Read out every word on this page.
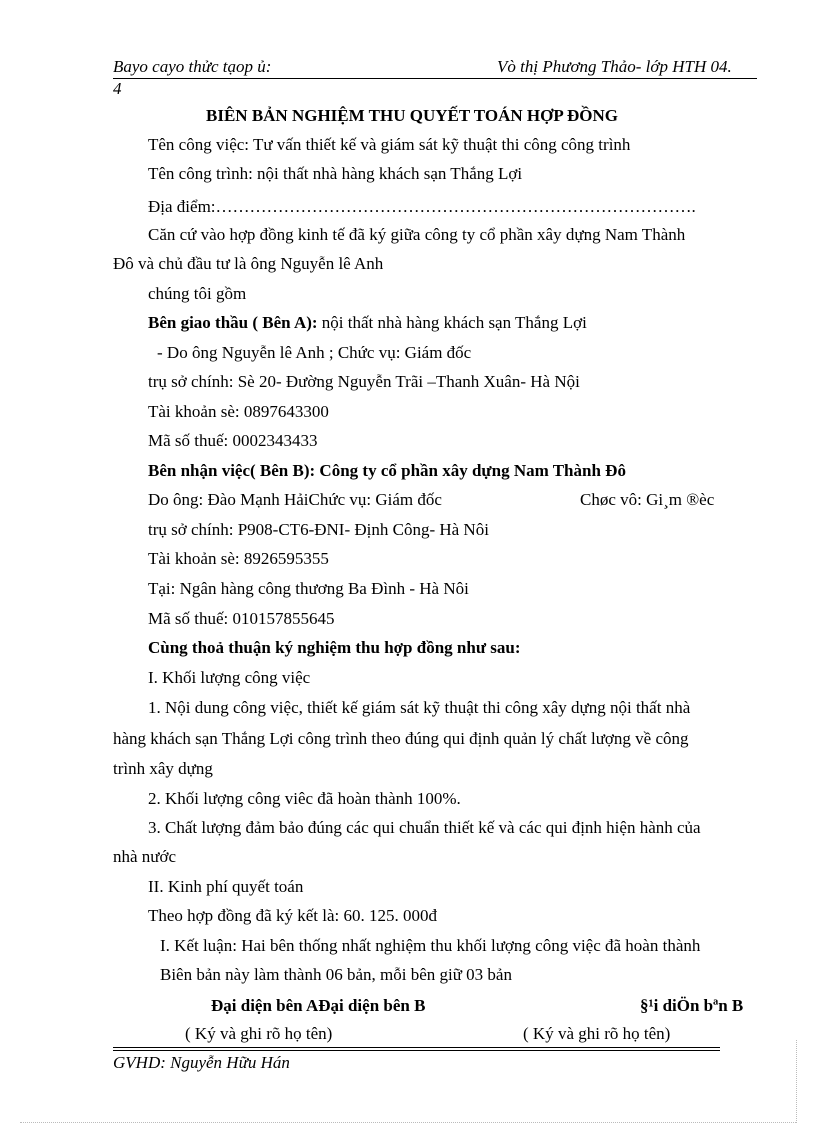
Bayo cayo thửc tạop ủ:	Vò thị Phương Thảo- lớp HTH 04.
4
BIÊN BẢN NGHIỆM THU QUYẾT TOÁN HỢP ĐỒNG
Tên công việc: Tư vấn thiết kế và giám sát kỹ thuật thi công công trình
Tên công trình: nội thất nhà hàng khách sạn Thắng Lợi
Địa điểm:………………………………………………………………………….
Căn cứ vào hợp đồng kinh tế đã ký giữa công ty cổ phần xây dựng Nam Thành
Đô và chủ đầu tư là ông Nguyễn lê Anh
chúng tôi gồm
Bên giao thầu ( Bên A): nội thất nhà hàng khách sạn Thắng Lợi
- Do ông Nguyễn lê Anh ; Chức vụ: Giám đốc
trụ sở chính: Sè 20- Đường Nguyễn Trãi –Thanh Xuân- Hà Nội
Tài khoản sè: 0897643300
Mã số thuế: 0002343433
Bên nhận việc( Bên B): Công ty cổ phần xây dựng Nam Thành Đô
Do ông: Đào Mạnh HảiChức vụ: Giám đốc	Chøc vô: Gi¸m ®èc
trụ sở chính: P908-CT6-ĐNI- Định Công- Hà Nôi
Tài khoản sè: 8926595355
Tại: Ngân hàng công thương Ba Đình - Hà Nôi
Mã số thuế: 010157855645
Cùng thoả thuận ký nghiệm thu hợp đồng như sau:
I. Khối lượng công việc
1. Nội dung công việc, thiết kế giám sát kỹ thuật thi công xây dựng nội thất nhà
hàng khách sạn Thắng Lợi công trình theo đúng qui định quản lý chất lượng về công
trình xây dựng
2. Khối lượng công viêc đã hoàn thành 100%.
3. Chất lượng đảm bảo đúng các qui chuẩn thiết kế và các qui định hiện hành của
nhà nước
II. Kinh phí quyết toán
Theo hợp đồng đã ký kết là: 60. 125. 000đ
I. Kết luận: Hai bên thống nhất nghiệm thu khối lượng công việc đã hoàn thành
Biên bản này làm thành 06 bản, mỗi bên giữ 03 bản
Đại diện bên AĐại diện bên B	§¹i diÖn bªn B
( Ký và ghi rõ họ tên)	( Ký và ghi rõ họ tên)
GVHD: Nguyễn Hữu Hán
